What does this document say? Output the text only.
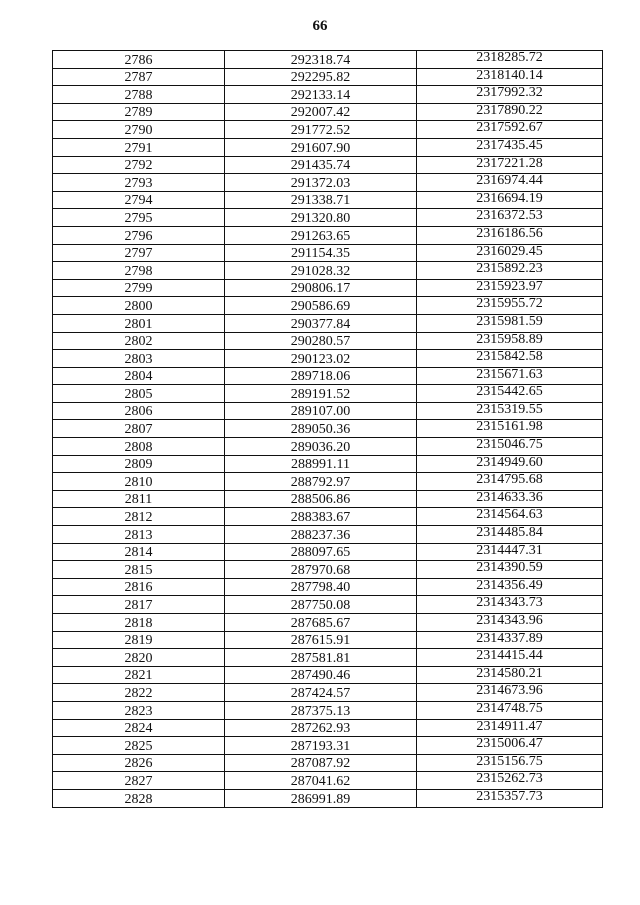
66
2786	292318.74	2318285.72
2787	292295.82	2318140.14
2788	292133.14	2317992.32
2789	292007.42	2317890.22
2790	291772.52	2317592.67
2791	291607.90	2317435.45
2792	291435.74	2317221.28
2793	291372.03	2316974.44
2794	291338.71	2316694.19
2795	291320.80	2316372.53
2796	291263.65	2316186.56
2797	291154.35	2316029.45
2798	291028.32	2315892.23
2799	290806.17	2315923.97
2800	290586.69	2315955.72
2801	290377.84	2315981.59
2802	290280.57	2315958.89
2803	290123.02	2315842.58
2804	289718.06	2315671.63
2805	289191.52	2315442.65
2806	289107.00	2315319.55
2807	289050.36	2315161.98
2808	289036.20	2315046.75
2809	288991.11	2314949.60
2810	288792.97	2314795.68
2811	288506.86	2314633.36
2812	288383.67	2314564.63
2813	288237.36	2314485.84
2814	288097.65	2314447.31
2815	287970.68	2314390.59
2816	287798.40	2314356.49
2817	287750.08	2314343.73
2818	287685.67	2314343.96
2819	287615.91	2314337.89
2820	287581.81	2314415.44
2821	287490.46	2314580.21
2822	287424.57	2314673.96
2823	287375.13	2314748.75
2824	287262.93	2314911.47
2825	287193.31	2315006.47
2826	287087.92	2315156.75
2827	287041.62	2315262.73
2828	286991.89	2315357.73
